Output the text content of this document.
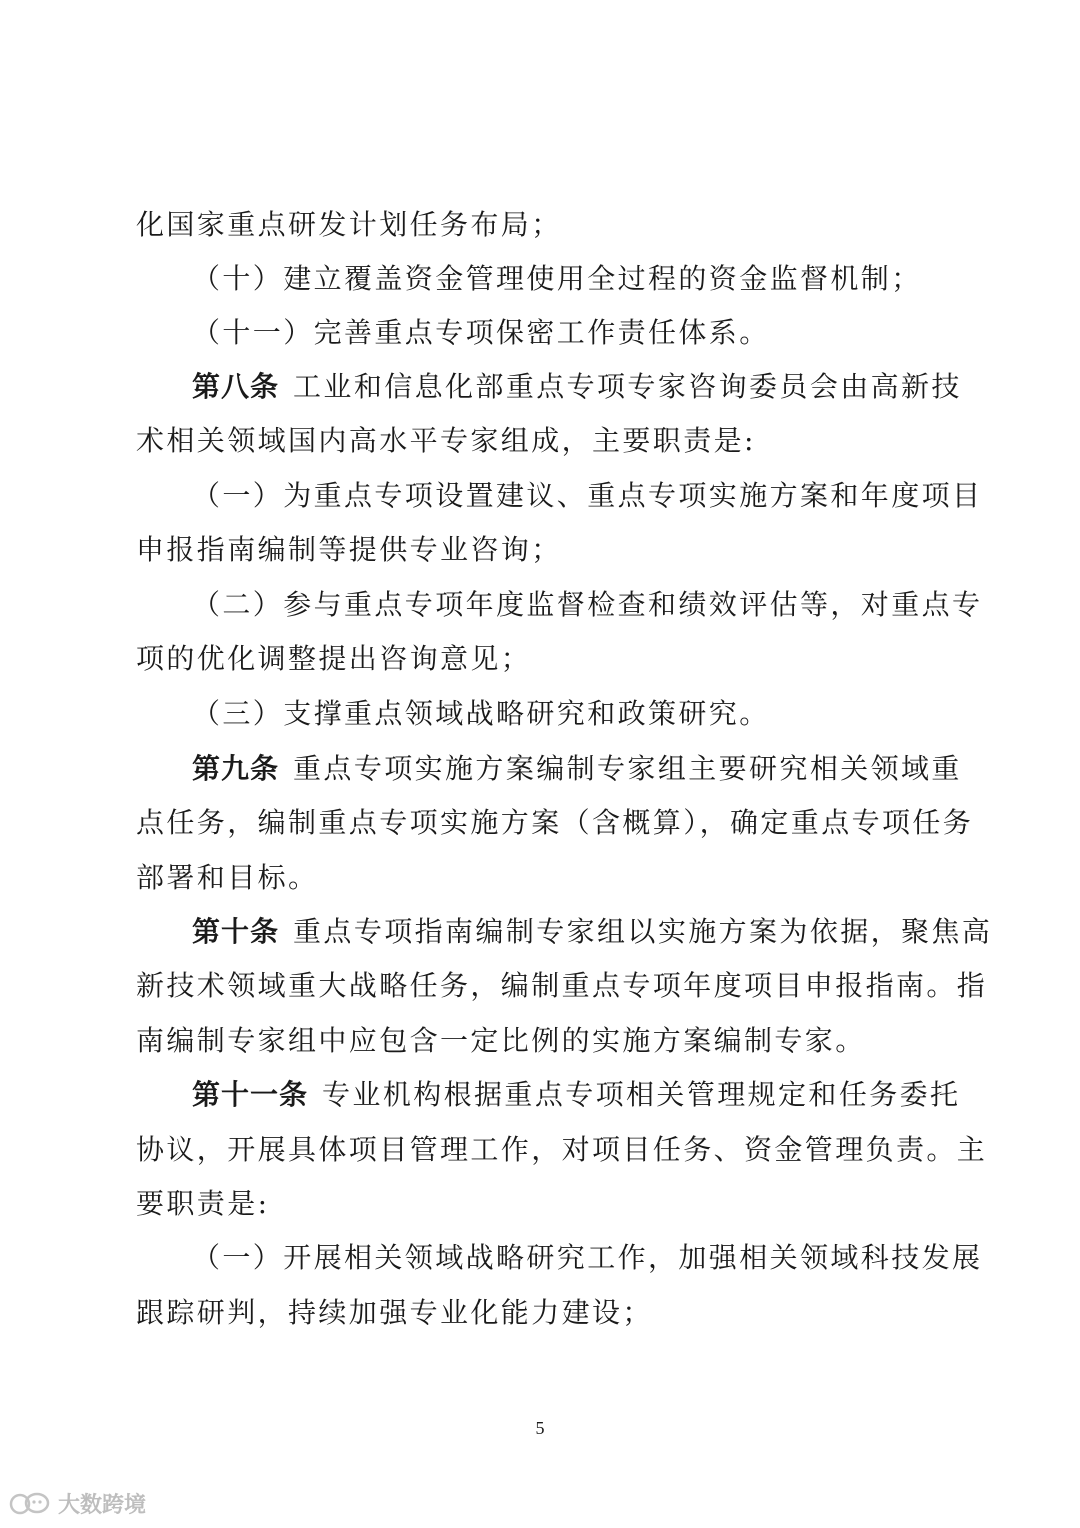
化国家重点研发计划任务布局；
（十）建立覆盖资金管理使用全过程的资金监督机制；
（十一）完善重点专项保密工作责任体系。
第八条 工业和信息化部重点专项专家咨询委员会由高新技
术相关领域国内高水平专家组成，主要职责是:
（一）为重点专项设置建议、重点专项实施方案和年度项目
申报指南编制等提供专业咨询；
（二）参与重点专项年度监督检查和绩效评估等，对重点专
项的优化调整提出咨询意见；
（三）支撑重点领域战略研究和政策研究。
第九条 重点专项实施方案编制专家组主要研究相关领域重
点任务，编制重点专项实施方案（含概算），确定重点专项任务
部署和目标。
第十条 重点专项指南编制专家组以实施方案为依据，聚焦高
新技术领域重大战略任务，编制重点专项年度项目申报指南。指
南编制专家组中应包含一定比例的实施方案编制专家。
第十一条 专业机构根据重点专项相关管理规定和任务委托
协议，开展具体项目管理工作，对项目任务、资金管理负责。主
要职责是:
（一）开展相关领域战略研究工作，加强相关领域科技发展
跟踪研判，持续加强专业化能力建设；
5
大数跨境
